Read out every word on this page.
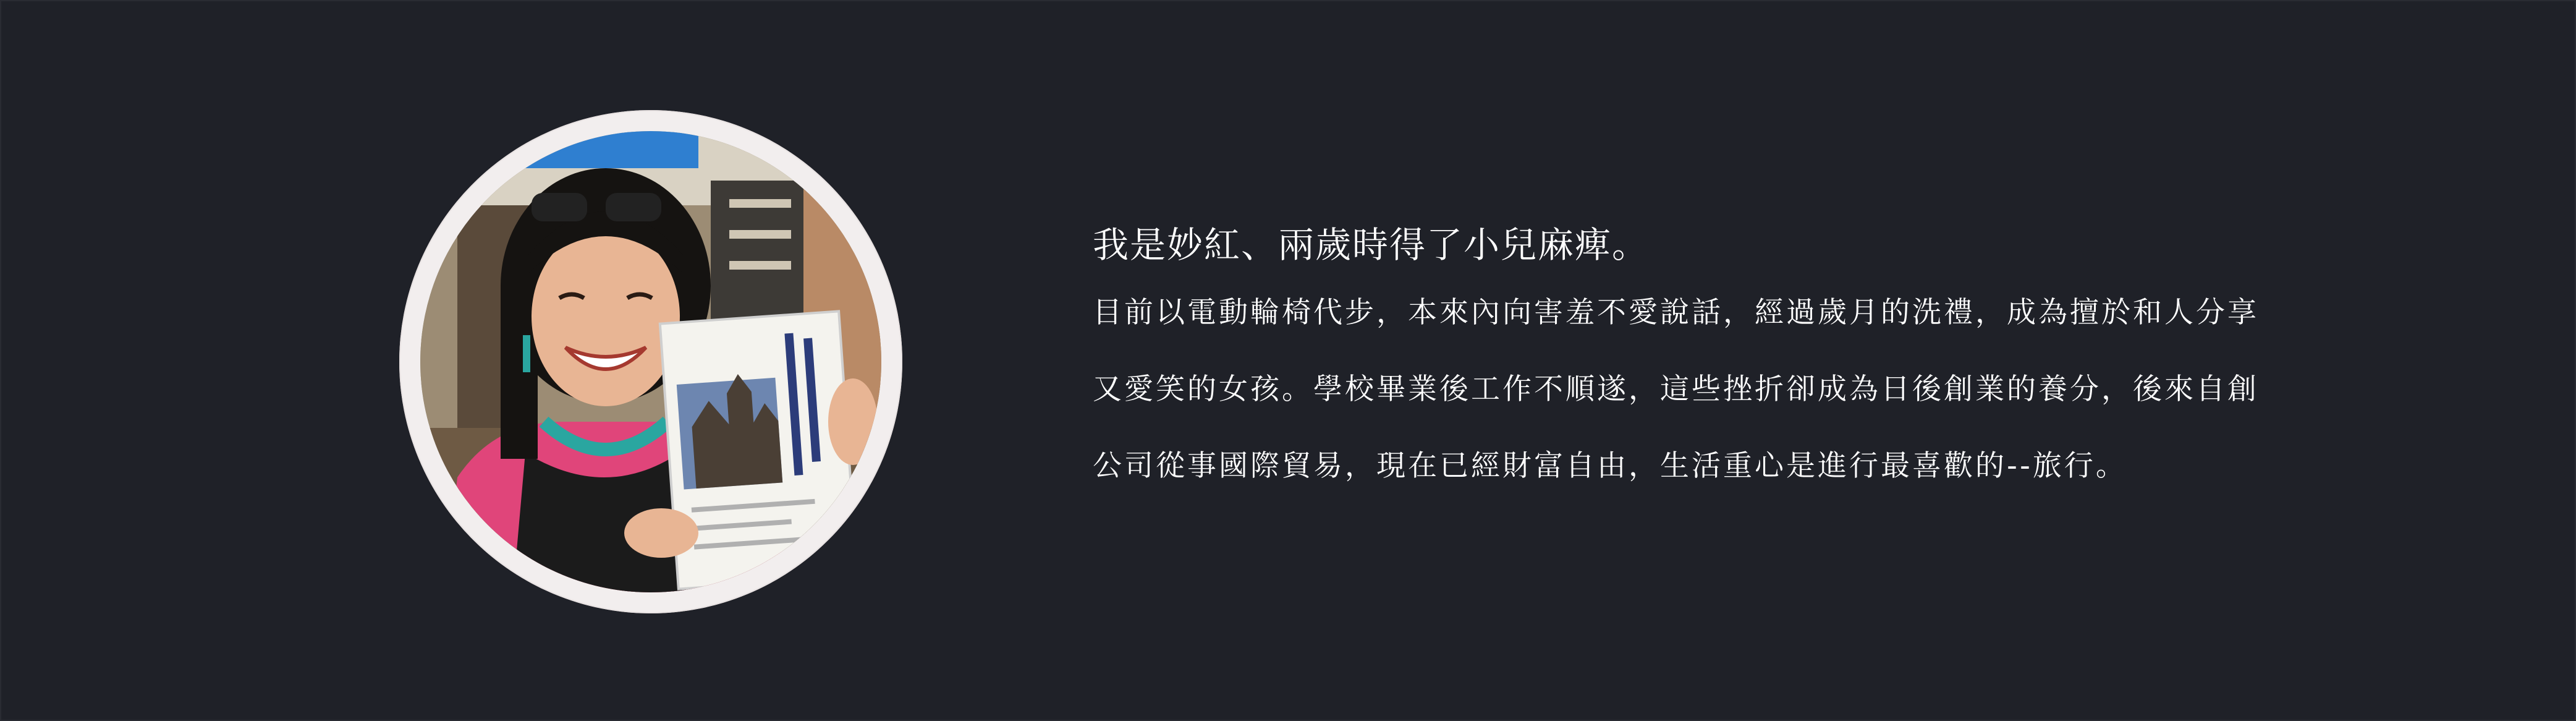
我是妙紅、兩歲時得了小兒麻痺。

目前以電動輪椅代步，本來內向害羞不愛說話，經過歲月的洗禮，成為擅於和人分享

又愛笑的女孩。學校畢業後工作不順遂，這些挫折卻成為日後創業的養分，後來自創

公司從事國際貿易，現在已經財富自由，生活重心是進行最喜歡的--旅行。
